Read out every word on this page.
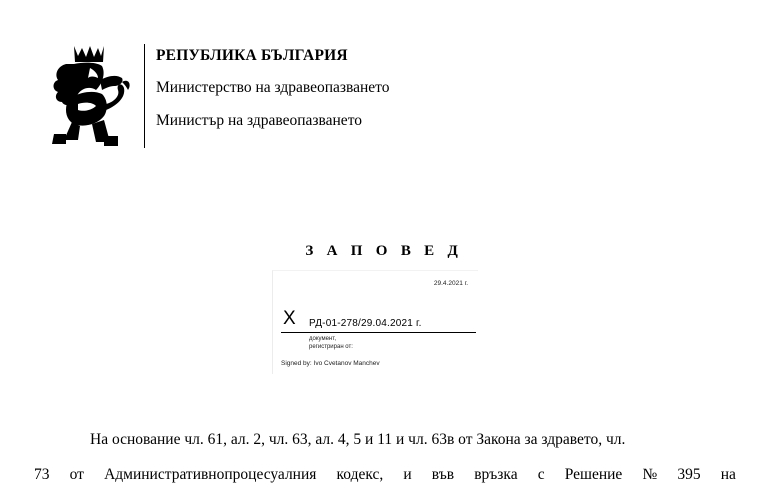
РЕПУБЛИКА БЪЛГАРИЯ
Министерство на здравеопазването
Министър на здравеопазването
З А П О В Е Д
29.4.2021 г.
X РД-01-278/29.04.2021 г.
документ,
регистриран от:
Signed by: Ivo Cvetanov Manchev
На основание чл. 61, ал. 2, чл. 63, ал. 4, 5 и 11 и чл. 63в от Закона за здравето, чл.
73 от Административнопроцесуалния кодекс, и във връзка с Решение № 395 на
